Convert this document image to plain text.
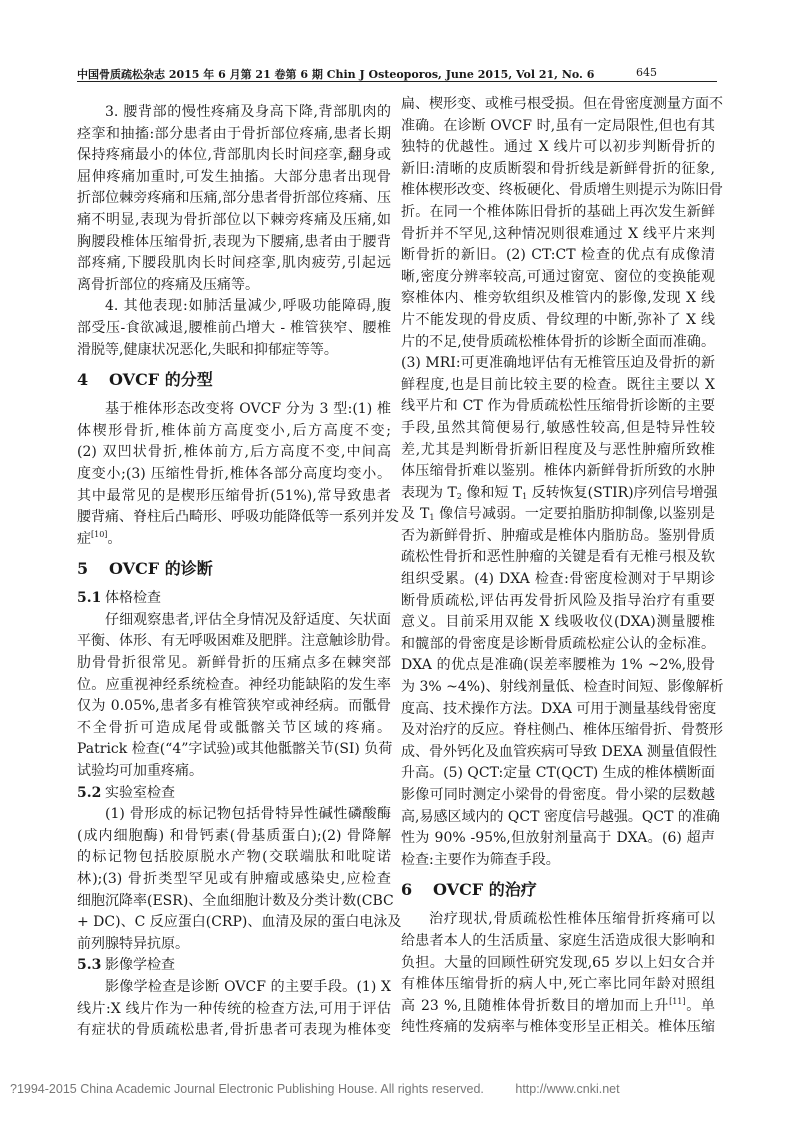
中国骨质疏松杂志 2015 年 6 月第 21 卷第 6 期 Chin J Osteoporos, June 2015, Vol 21, No. 6	645
3. 腰背部的慢性疼痛及身高下降,背部肌肉的
痉挛和抽搐:部分患者由于骨折部位疼痛,患者长期
保持疼痛最小的体位,背部肌肉长时间痉挛,翻身或
屈伸疼痛加重时,可发生抽搐。大部分患者出现骨
折部位棘旁疼痛和压痛,部分患者骨折部位疼痛、压
痛不明显,表现为骨折部位以下棘旁疼痛及压痛,如
胸腰段椎体压缩骨折,表现为下腰痛,患者由于腰背
部疼痛,下腰段肌肉长时间痉挛,肌肉疲劳,引起远
离骨折部位的疼痛及压痛等。
4. 其他表现:如肺活量减少,呼吸功能障碍,腹
部受压-食欲减退,腰椎前凸增大 - 椎管狭窄、腰椎
滑脱等,健康状况恶化,失眠和抑郁症等等。
4 OVCF 的分型
基于椎体形态改变将 OVCF 分为 3 型:(1) 椎
体楔形骨折,椎体前方高度变小,后方高度不变;
(2) 双凹状骨折,椎体前方,后方高度不变,中间高
度变小;(3) 压缩性骨折,椎体各部分高度均变小。
其中最常见的是楔形压缩骨折(51%),常导致患者
腰背痛、脊柱后凸畸形、呼吸功能降低等一系列并发
症[10]。
5 OVCF 的诊断
5.1 体格检查
仔细观察患者,评估全身情况及舒适度、矢状面
平衡、体形、有无呼吸困难及肥胖。注意触诊肋骨。
肋骨骨折很常见。新鲜骨折的压痛点多在棘突部
位。应重视神经系统检查。神经功能缺陷的发生率
仅为 0.05%,患者多有椎管狭窄或神经病。而骶骨
不全骨折可造成尾骨或骶髂关节区域的疼痛。
Patrick 检查(“4”字试验)或其他骶髂关节(SI) 负荷
试验均可加重疼痛。
5.2 实验室检查
(1) 骨形成的标记物包括骨特异性碱性磷酸酶
(成内细胞酶) 和骨钙素(骨基质蛋白);(2) 骨降解
的标记物包括胶原脱水产物(交联端肽和吡啶诺
林);(3) 骨折类型罕见或有肿瘤或感染史,应检查
细胞沉降率(ESR)、全血细胞计数及分类计数(CBC
+ DC)、C 反应蛋白(CRP)、血清及尿的蛋白电泳及
前列腺特异抗原。
5.3 影像学检查
影像学检查是诊断 OVCF 的主要手段。(1) X
线片:X 线片作为一种传统的检查方法,可用于评估
有症状的骨质疏松患者,骨折患者可表现为椎体变
扁、楔形变、或椎弓根受损。但在骨密度测量方面不
准确。在诊断 OVCF 时,虽有一定局限性,但也有其
独特的优越性。通过 X 线片可以初步判断骨折的
新旧:清晰的皮质断裂和骨折线是新鲜骨折的征象,
椎体楔形改变、终板硬化、骨质增生则提示为陈旧骨
折。在同一个椎体陈旧骨折的基础上再次发生新鲜
骨折并不罕见,这种情况则很难通过 X 线平片来判
断骨折的新旧。(2) CT:CT 检查的优点有成像清
晰,密度分辨率较高,可通过窗宽、窗位的变换能观
察椎体内、椎旁软组织及椎管内的影像,发现 X 线
片不能发现的骨皮质、骨纹理的中断,弥补了 X 线
片的不足,使骨质疏松椎体骨折的诊断全面而准确。
(3) MRI:可更准确地评估有无椎管压迫及骨折的新
鲜程度,也是目前比较主要的检查。既往主要以 X
线平片和 CT 作为骨质疏松性压缩骨折诊断的主要
手段,虽然其简便易行,敏感性较高,但是特异性较
差,尤其是判断骨折新旧程度及与恶性肿瘤所致椎
体压缩骨折难以鉴别。椎体内新鲜骨折所致的水肿
表现为 $T_2$ 像和短 $T_1$ 反转恢复(STIR)序列信号增强
及 $T_1$ 像信号减弱。一定要拍脂肪抑制像,以鉴别是
否为新鲜骨折、肿瘤或是椎体内脂肪岛。鉴别骨质
疏松性骨折和恶性肿瘤的关键是看有无椎弓根及软
组织受累。(4) DXA 检查:骨密度检测对于早期诊
断骨质疏松,评估再发骨折风险及指导治疗有重要
意义。目前采用双能 X 线吸收仪(DXA)测量腰椎
和髋部的骨密度是诊断骨质疏松症公认的金标准。
DXA 的优点是准确(误差率腰椎为 1% ~2%,股骨
为 3% ~4%)、射线剂量低、检查时间短、影像解析
度高、技术操作方法。DXA 可用于测量基线骨密度
及对治疗的反应。脊柱侧凸、椎体压缩骨折、骨赘形
成、骨外钙化及血管疾病可导致 DEXA 测量值假性
升高。(5) QCT:定量 CT(QCT) 生成的椎体横断面
影像可同时测定小梁骨的骨密度。骨小梁的层数越
高,易感区域内的 QCT 密度信号越强。QCT 的准确
性为 90% -95%,但放射剂量高于 DXA。(6) 超声
检查:主要作为筛查手段。
6 OVCF 的治疗
治疗现状,骨质疏松性椎体压缩骨折疼痛可以
给患者本人的生活质量、家庭生活造成很大影响和
负担。大量的回顾性研究发现,65 岁以上妇女合并
有椎体压缩骨折的病人中,死亡率比同年龄对照组
高 23 %,且随椎体骨折数目的增加而上升[11]。单
纯性疼痛的发病率与椎体变形呈正相关。椎体压缩
?1994-2015 China Academic Journal Electronic Publishing House. All rights reserved.	http://www.cnki.net
